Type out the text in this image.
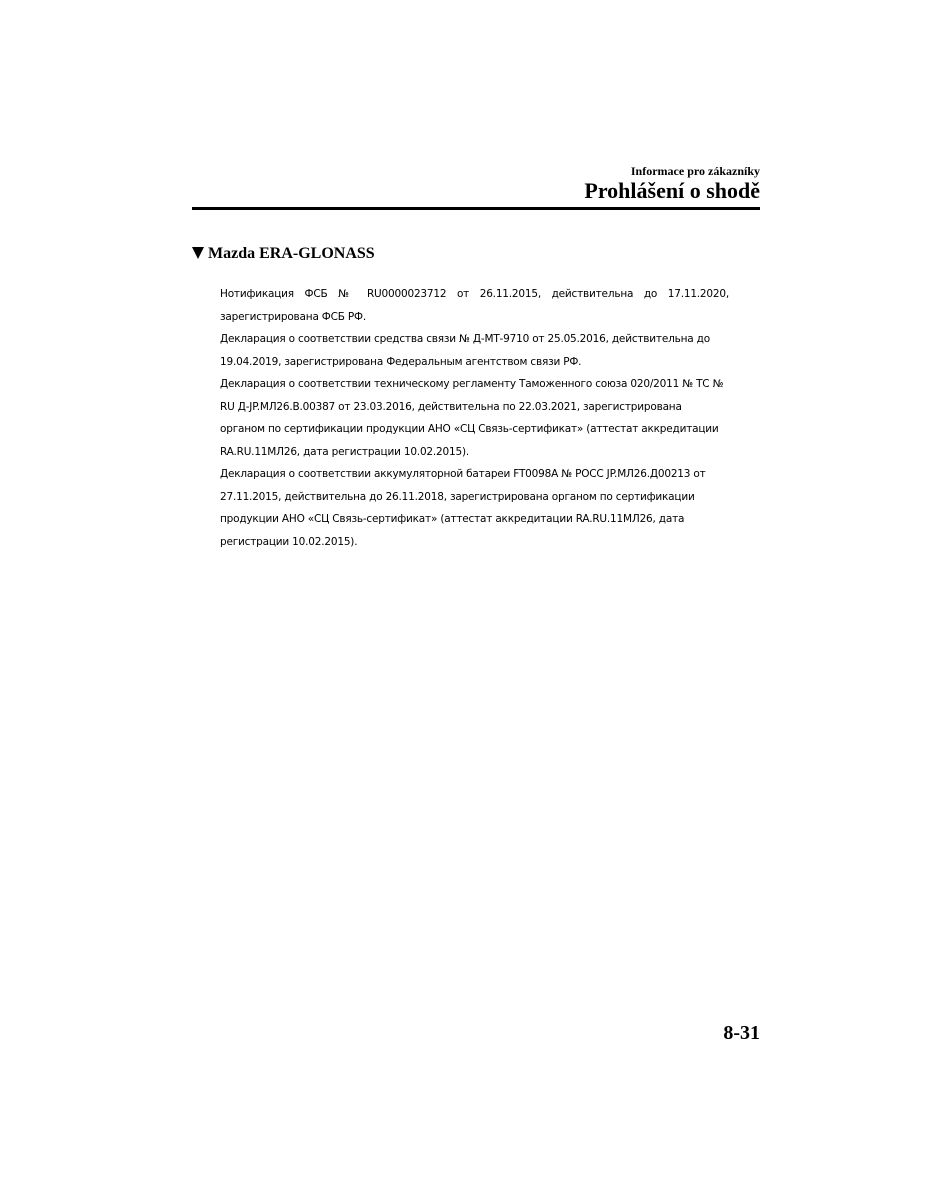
Informace pro zákazníky
Prohlášení o shodě
Mazda ERA-GLONASS

Нотификация ФСБ № RU0000023712 от 26.11.2015, действительна до 17.11.2020, зарегистрирована ФСБ РФ.

Декларация о соответствии средства связи № Д-МТ-9710 от 25.05.2016, действительна до 19.04.2019, зарегистрирована Федеральным агентством связи РФ.

Декларация о соответствии техническому регламенту Таможенного союза 020/2011 № ТС № RU Д-JP.МЛ26.В.00387 от 23.03.2016, действительна по 22.03.2021, зарегистрирована органом по сертификации продукции АНО «СЦ Связь-сертификат» (аттестат аккредитации RA.RU.11МЛ26, дата регистрации 10.02.2015).

Декларация о соответствии аккумуляторной батареи FT0098A № РОСС JP.МЛ26.Д00213 от 27.11.2015, действительна до 26.11.2018, зарегистрирована органом по сертификации продукции АНО «СЦ Связь-сертификат» (аттестат аккредитации RA.RU.11МЛ26, дата регистрации 10.02.2015).

8-31
